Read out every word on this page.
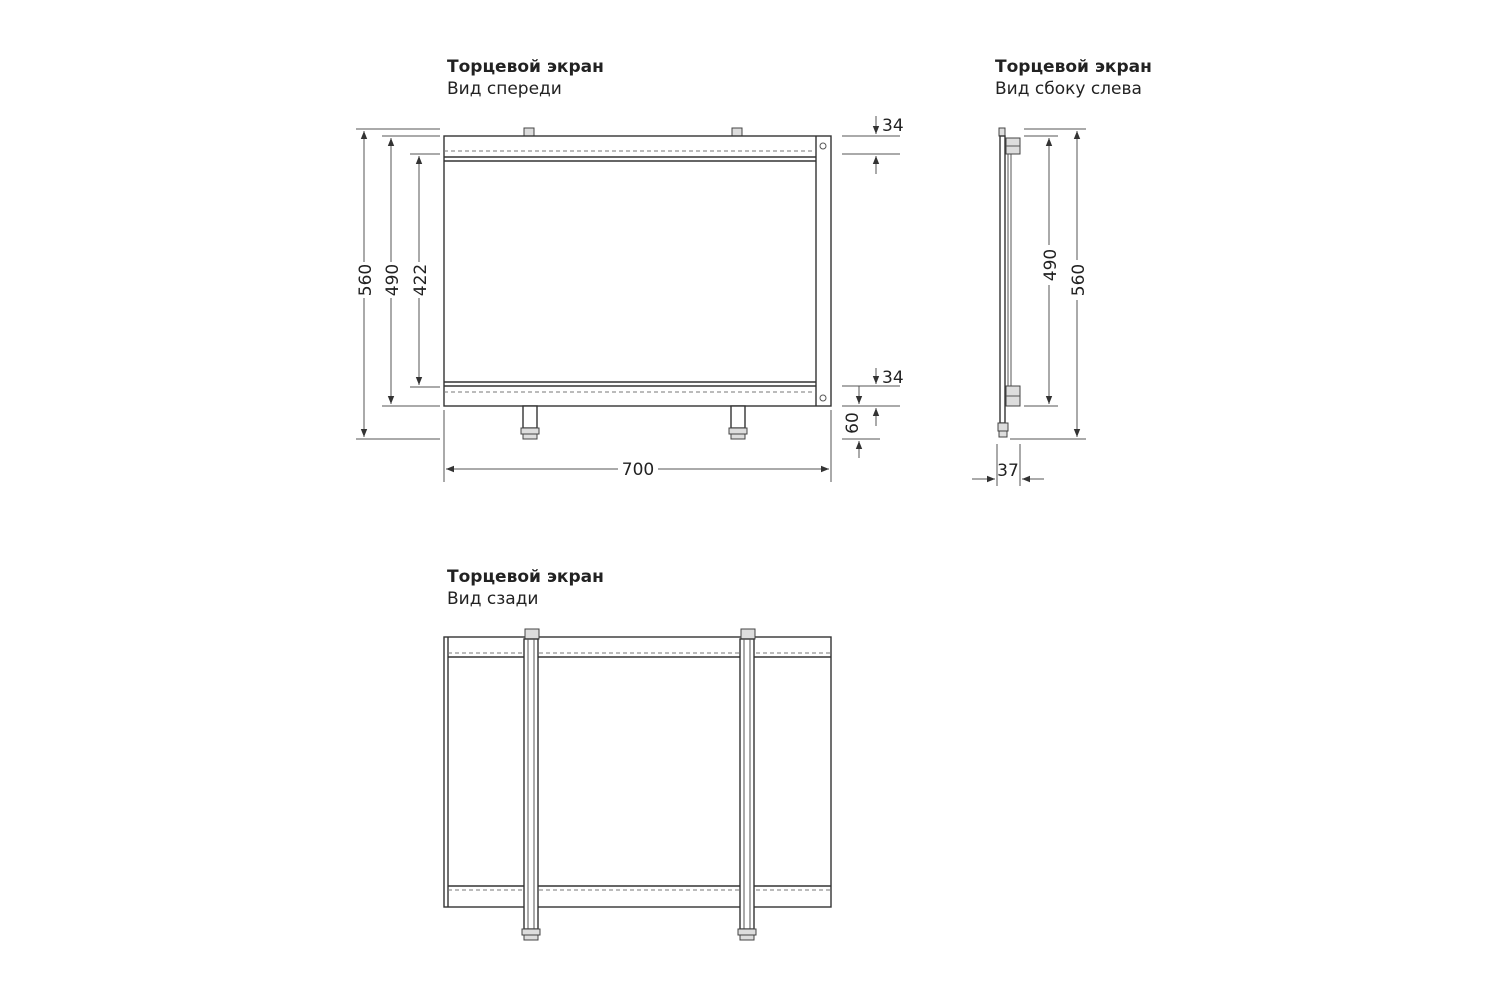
Торцевой экран
Вид спереди
560 490 422
700
34
34
60
Торцевой экран
Вид сбоку слева
490 560
37
Торцевой экран
Вид сзади
